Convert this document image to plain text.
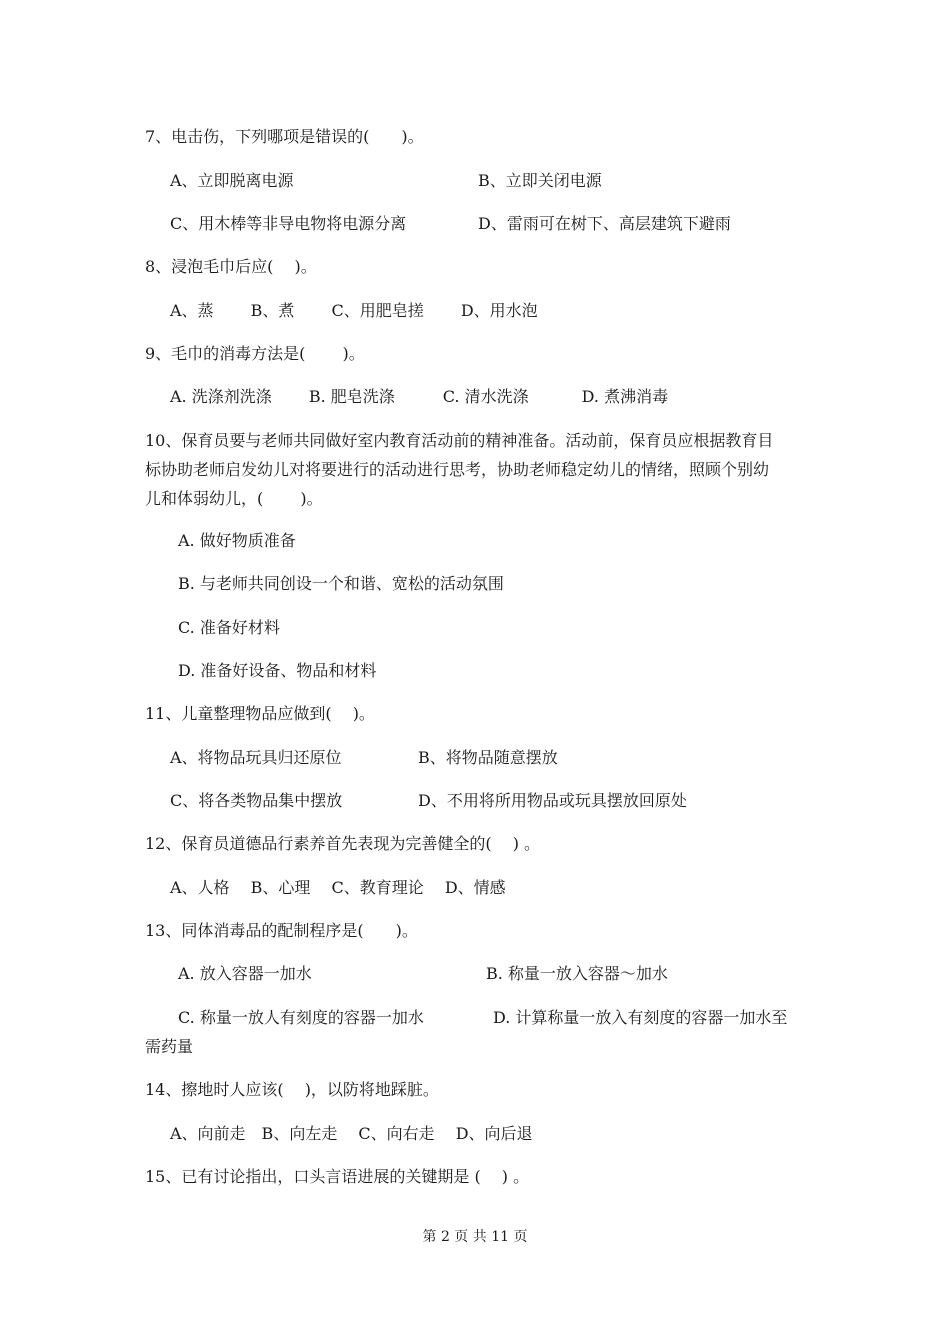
7、电击伤，下列哪项是错误的(　　)。
A、立即脱离电源	B、立即关闭电源
C、用木棒等非导电物将电源分离	D、雷雨可在树下、高层建筑下避雨
8、浸泡毛巾后应(　 )。
A、蒸　　 B、煮　　 C、用肥皂搓　　 D、用水泡
9、毛巾的消毒方法是(　　 )。
A. 洗涤剂洗涤　　 B. 肥皂洗涤　　　C. 清水洗涤　　　 D. 煮沸消毒
10、保育员要与老师共同做好室内教育活动前的精神准备。活动前，保育员应根据教育目
标协助老师启发幼儿对将要进行的活动进行思考，协助老师稳定幼儿的情绪，照顾个别幼
儿和体弱幼儿，(　　 )。
A. 做好物质准备
B. 与老师共同创设一个和谐、宽松的活动氛围
C. 准备好材料
D. 准备好设备、物品和材料
11、儿童整理物品应做到(　 )。
A、将物品玩具归还原位	B、将物品随意摆放
C、将各类物品集中摆放	D、不用将所用物品或玩具摆放回原处
12、保育员道德品行素养首先表现为完善健全的(　 ) 。
A、人格　 B、心理　 C、教育理论　 D、情感
13、同体消毒品的配制程序是(　　)。
A. 放入容器一加水	B. 称量一放入容器～加水
C. 称量一放人有刻度的容器一加水	D. 计算称量一放入有刻度的容器一加水至
需药量
14、擦地时人应该(　 )，以防将地踩脏。
A、向前走　B、向左走　 C、向右走　 D、向后退
15、已有讨论指出，口头言语进展的关键期是 (　 ) 。
第 2 页 共 11 页
